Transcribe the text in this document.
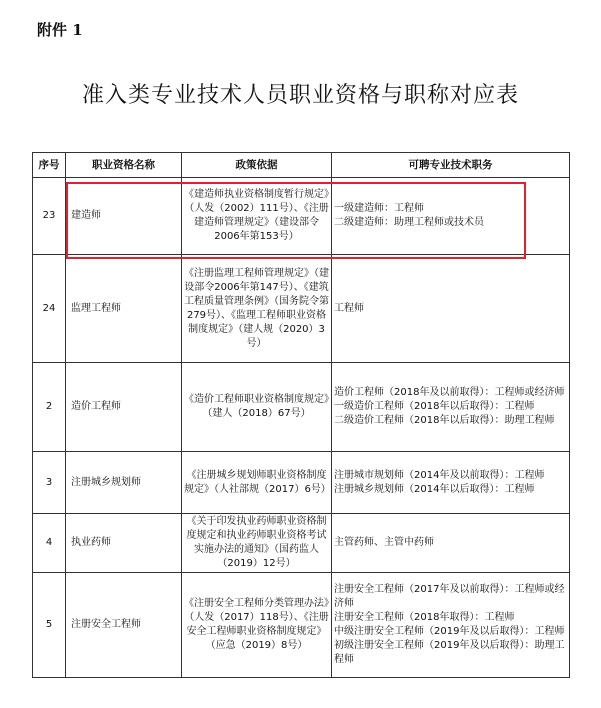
附件 1
准入类专业技术人员职业资格与职称对应表
序号	职业资格名称	政策依据	可聘专业技术职务
23	建造师	《建造师执业资格制度暂行规定》（人发（2002）111号）、《注册建造师管理规定》（建设部令2006年第153号）	一级建造师：工程师
二级建造师：助理工程师或技术员

24	监理工程师	《注册监理工程师管理规定》（建设部令2006年第147号）、《建筑工程质量管理条例》（国务院令第279号）、《监理工程师职业资格制度规定》（建人规（2020）3号）	工程师

2	造价工程师	《造价工程师职业资格制度规定》（建人（2018）67号）	造价工程师（2018年及以前取得）：工程师或经济师
一级造价工程师（2018年以后取得）：工程师
二级造价工程师（2018年以后取得）：助理工程师

3	注册城乡规划师	《注册城乡规划师职业资格制度规定》（人社部规（2017）6号）	注册城市规划师（2014年及以前取得）：工程师
注册城乡规划师（2014年以后取得）：工程师

4	执业药师	《关于印发执业药师职业资格制度规定和执业药师职业资格考试实施办法的通知》（国药监人（2019）12号）	主管药师、主管中药师

5	注册安全工程师	《注册安全工程师分类管理办法》（人发（2017）118号）、《注册安全工程师职业资格制度规定》（应急（2019）8号）	注册安全工程师（2017年及以前取得）：工程师或经济师
注册安全工程师（2018年取得）：工程师
中级注册安全工程师（2019年及以后取得）：工程师
初级注册安全工程师（2019年及以后取得）：助理工程师
